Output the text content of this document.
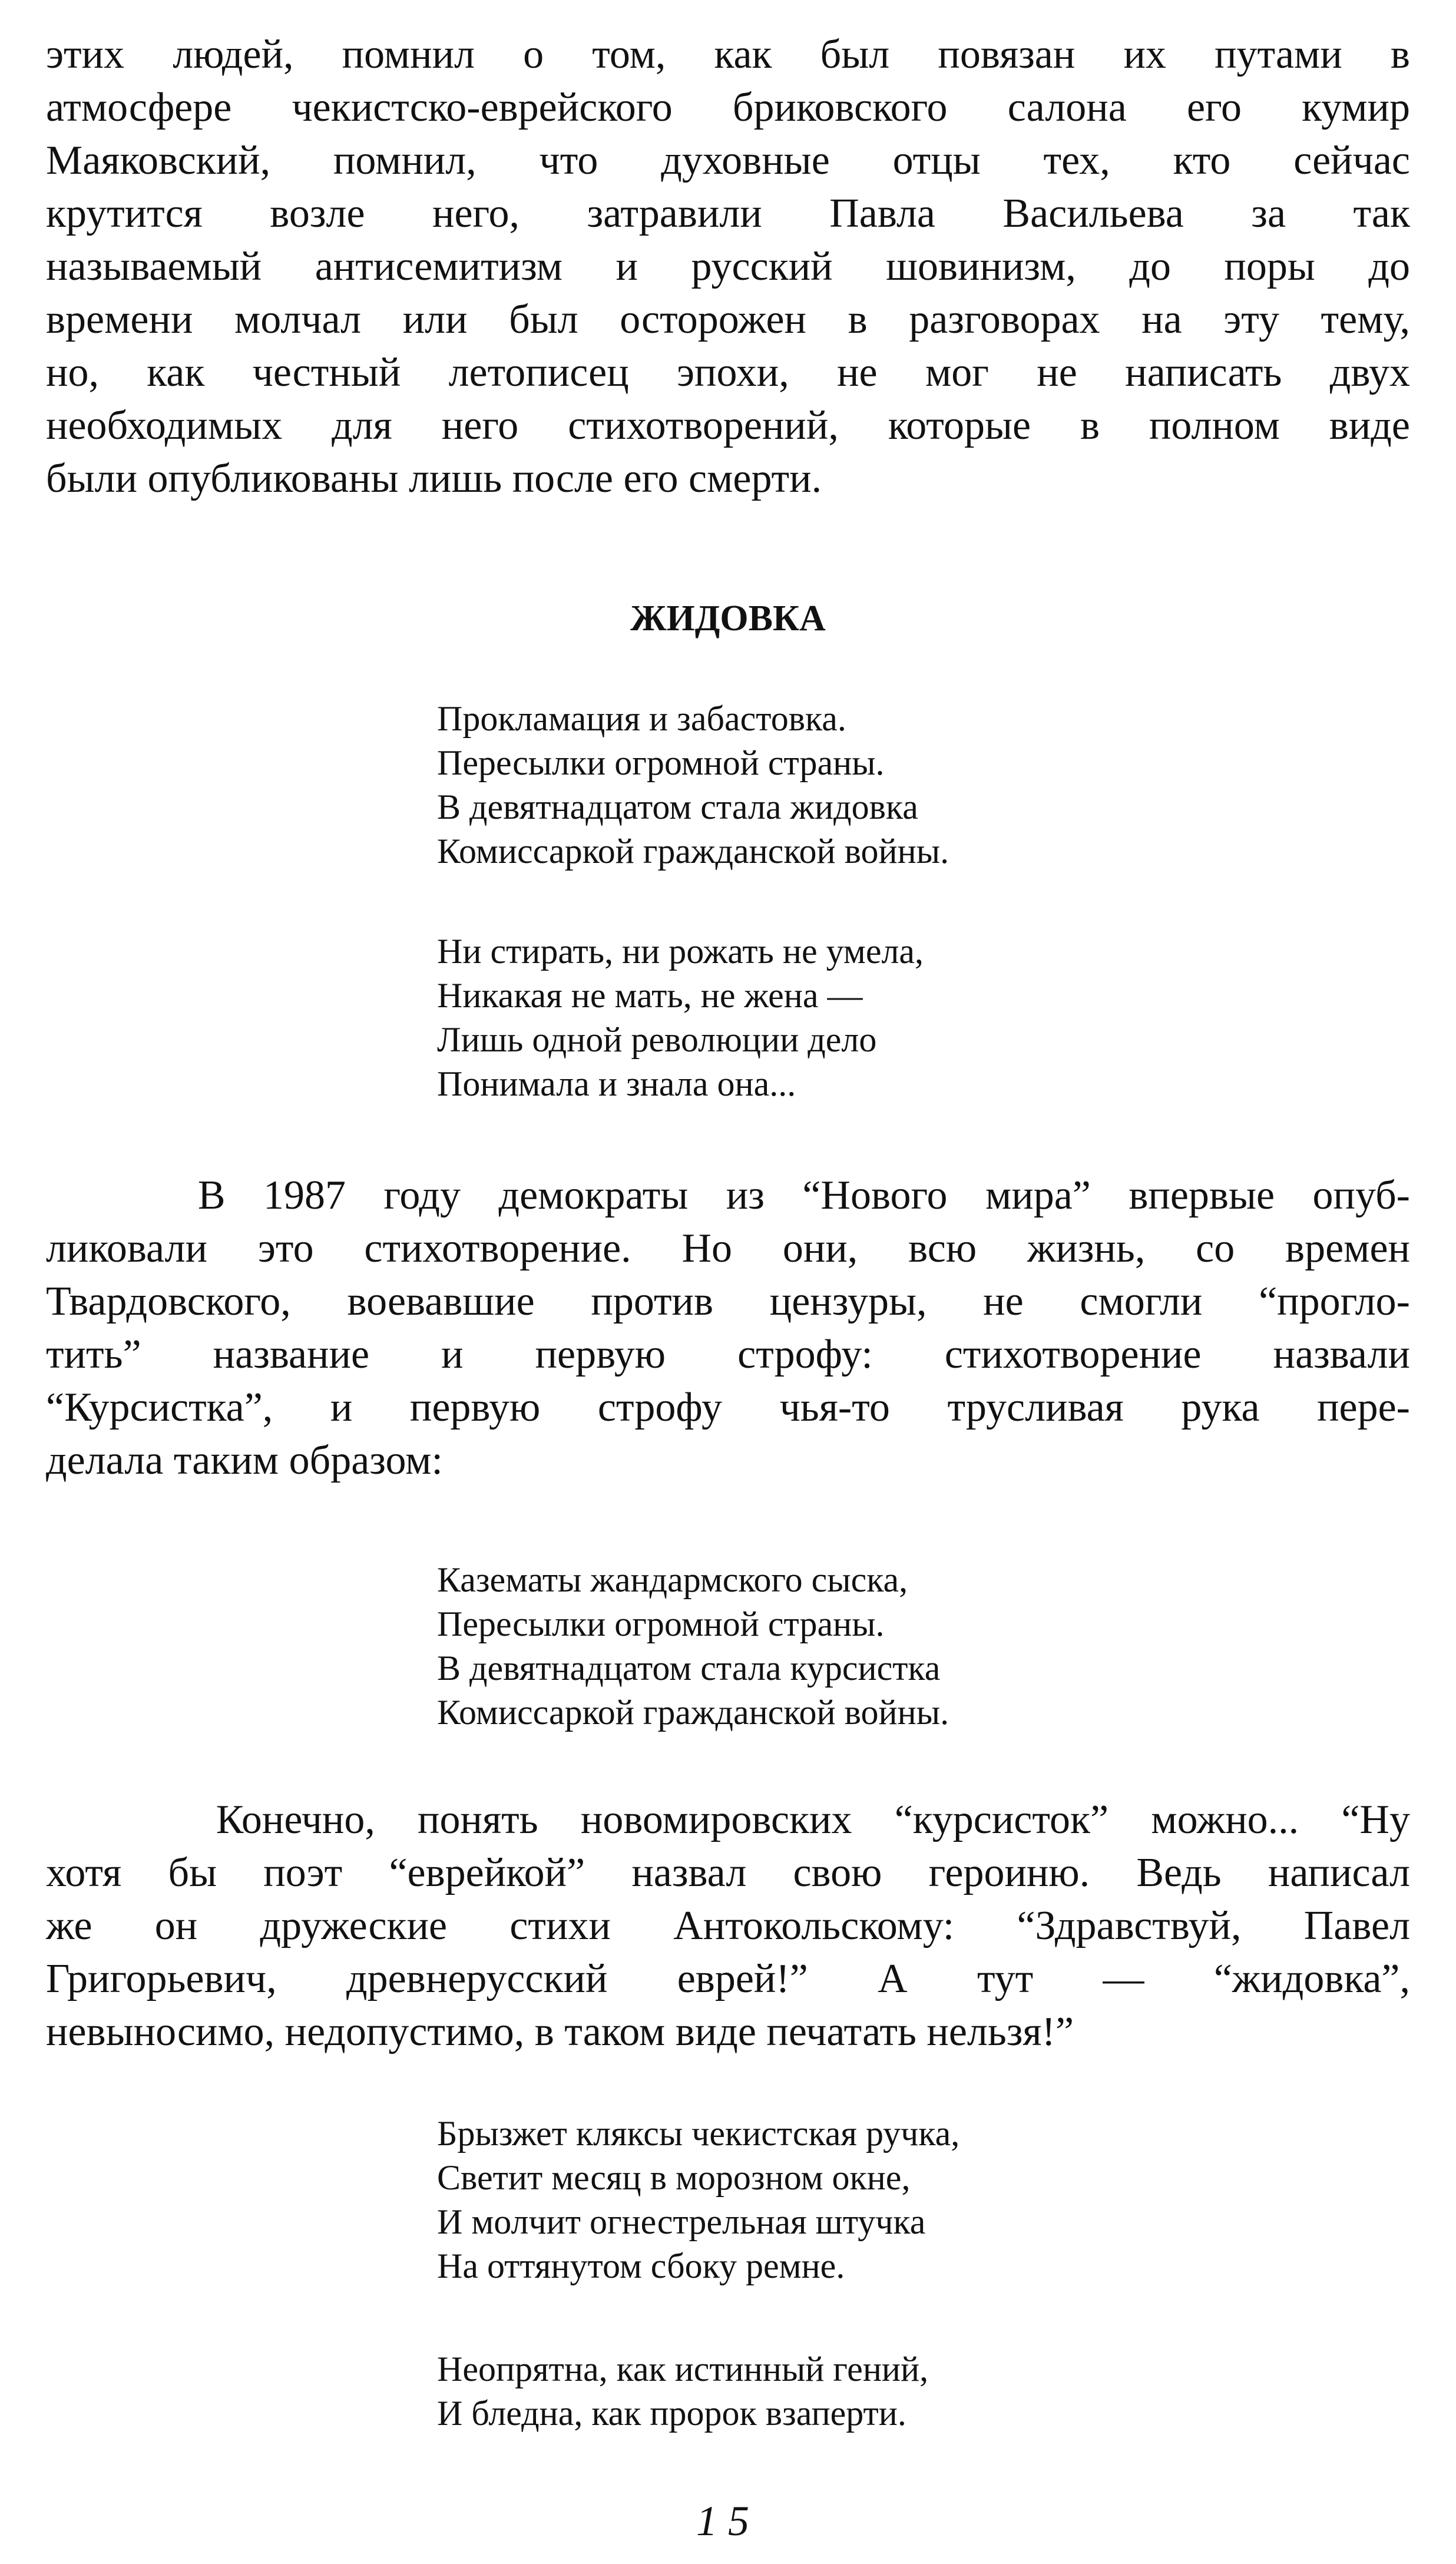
этих людей, помнил о том, как был повязан их путами в
атмосфере чекистско-еврейского бриковского салона его кумир
Маяковский, помнил, что духовные отцы тех, кто сейчас
крутится возле него, затравили Павла Васильева за так
называемый антисемитизм и русский шовинизм, до поры до
времени молчал или был осторожен в разговорах на эту тему,
но, как честный летописец эпохи, не мог не написать двух
необходимых для него стихотворений, которые в полном виде
были опубликованы лишь после его смерти.
ЖИДОВКА
Прокламация и забастовка.
Пересылки огромной страны.
В девятнадцатом стала жидовка
Комиссаркой гражданской войны.
Ни стирать, ни рожать не умела,
Никакая не мать, не жена —
Лишь одной революции дело
Понимала и знала она...
В 1987 году демократы из “Нового мира” впервые опуб-
ликовали это стихотворение. Но они, всю жизнь, со времен
Твардовского, воевавшие против цензуры, не смогли “прогло-
тить” название и первую строфу: стихотворение назвали
“Курсистка”, и первую строфу чья-то трусливая рука пере-
делала таким образом:
Казематы жандармского сыска,
Пересылки огромной страны.
В девятнадцатом стала курсистка
Комиссаркой гражданской войны.
Конечно, понять новомировских “курсисток” можно... “Ну
хотя бы поэт “еврейкой” назвал свою героиню. Ведь написал
же он дружеские стихи Антокольскому: “Здравствуй, Павел
Григорьевич, древнерусский еврей!” А тут — “жидовка”,
невыносимо, недопустимо, в таком виде печатать нельзя!”
Брызжет кляксы чекистская ручка,
Светит месяц в морозном окне,
И молчит огнестрельная штучка
На оттянутом сбоку ремне.
Неопрятна, как истинный гений,
И бледна, как пророк взаперти.
15
